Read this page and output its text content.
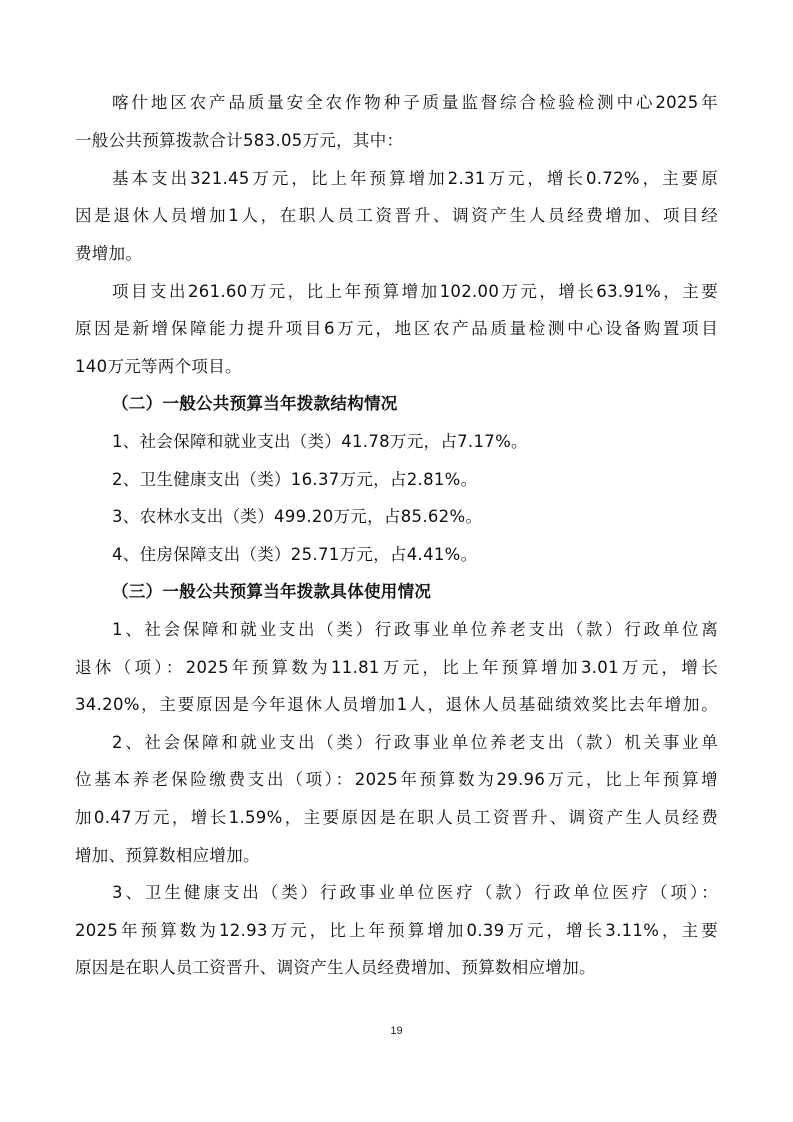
喀什地区农产品质量安全农作物种子质量监督综合检验检测中心2025年
一般公共预算拨款合计583.05万元，其中：
基本支出321.45万元，比上年预算增加2.31万元，增长0.72%，主要原
因是退休人员增加1人，在职人员工资晋升、调资产生人员经费增加、项目经
费增加。
项目支出261.60万元，比上年预算增加102.00万元，增长63.91%，主要
原因是新增保障能力提升项目6万元，地区农产品质量检测中心设备购置项目
140万元等两个项目。
（二）一般公共预算当年拨款结构情况
1、社会保障和就业支出（类）41.78万元，占7.17%。
2、卫生健康支出（类）16.37万元，占2.81%。
3、农林水支出（类）499.20万元，占85.62%。
4、住房保障支出（类）25.71万元，占4.41%。
（三）一般公共预算当年拨款具体使用情况
1、社会保障和就业支出（类）行政事业单位养老支出（款）行政单位离
退休（项）：2025年预算数为11.81万元，比上年预算增加3.01万元，增长
34.20%，主要原因是今年退休人员增加1人，退休人员基础绩效奖比去年增加。
2、社会保障和就业支出（类）行政事业单位养老支出（款）机关事业单
位基本养老保险缴费支出（项）：2025年预算数为29.96万元，比上年预算增
加0.47万元，增长1.59%，主要原因是在职人员工资晋升、调资产生人员经费
增加、预算数相应增加。
3、卫生健康支出（类）行政事业单位医疗（款）行政单位医疗（项）：
2025年预算数为12.93万元，比上年预算增加0.39万元，增长3.11%，主要
原因是在职人员工资晋升、调资产生人员经费增加、预算数相应增加。
19
